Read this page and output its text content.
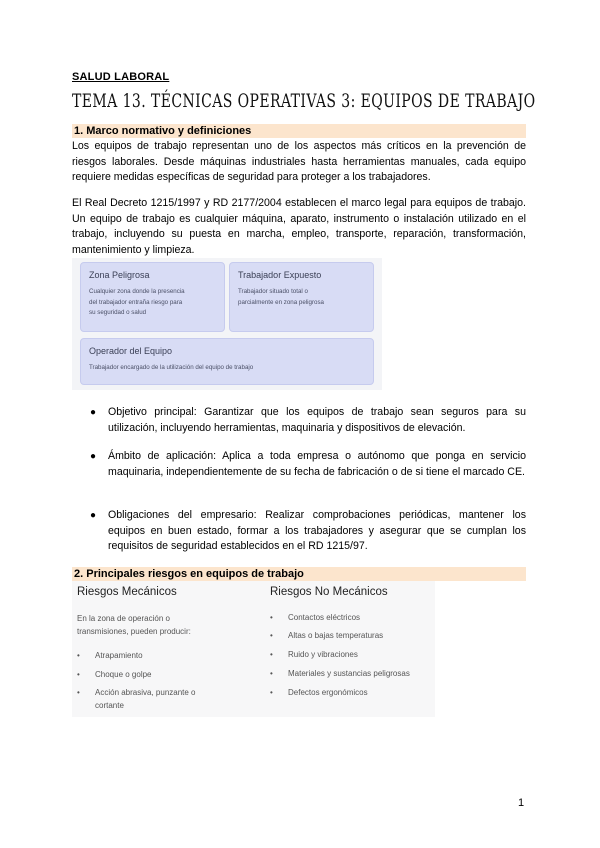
SALUD LABORAL
TEMA 13. TÉCNICAS OPERATIVAS 3: EQUIPOS DE TRABAJO
1. Marco normativo y definiciones
Los equipos de trabajo representan uno de los aspectos más críticos en la prevención de riesgos laborales. Desde máquinas industriales hasta herramientas manuales, cada equipo requiere medidas específicas de seguridad para proteger a los trabajadores.
El Real Decreto 1215/1997 y RD 2177/2004 establecen el marco legal para equipos de trabajo. Un equipo de trabajo es cualquier máquina, aparato, instrumento o instalación utilizado en el trabajo, incluyendo su puesta en marcha, empleo, transporte, reparación, transformación, mantenimiento y limpieza.
Zona Peligrosa
Cualquier zona donde la presencia
del trabajador entraña riesgo para
su seguridad o salud
Trabajador Expuesto
Trabajador situado total o
parcialmente en zona peligrosa
Operador del Equipo
Trabajador encargado de la utilización del equipo de trabajo
● Objetivo principal: Garantizar que los equipos de trabajo sean seguros para su utilización, incluyendo herramientas, maquinaria y dispositivos de elevación.
● Ámbito de aplicación: Aplica a toda empresa o autónomo que ponga en servicio maquinaria, independientemente de su fecha de fabricación o de si tiene el marcado CE.
● Obligaciones del empresario: Realizar comprobaciones periódicas, mantener los equipos en buen estado, formar a los trabajadores y asegurar que se cumplan los requisitos de seguridad establecidos en el RD 1215/97.
2. Principales riesgos en equipos de trabajo
Riesgos Mecánicos
En la zona de operación o
transmisiones, pueden producir:
• Atrapamiento
• Choque o golpe
• Acción abrasiva, punzante o cortante
Riesgos No Mecánicos
• Contactos eléctricos
• Altas o bajas temperaturas
• Ruido y vibraciones
• Materiales y sustancias peligrosas
• Defectos ergonómicos
1
